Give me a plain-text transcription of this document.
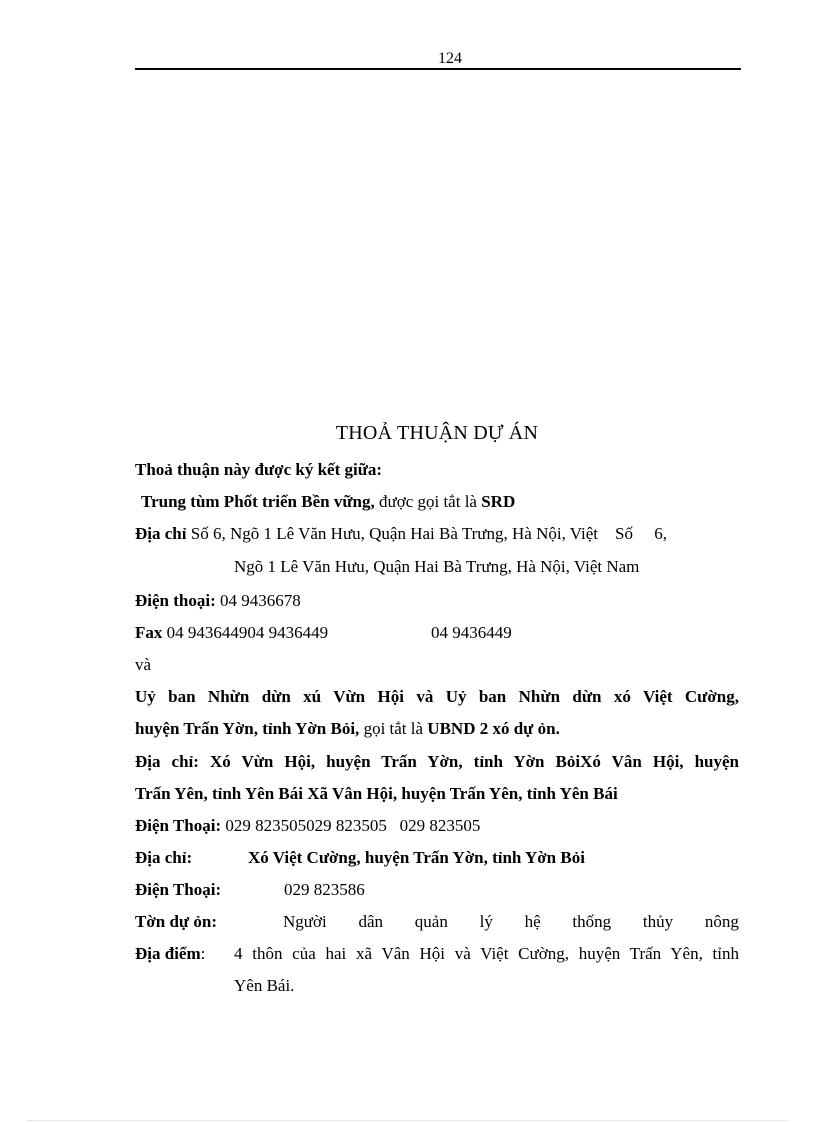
124
THOẢ THUẬN DỰ ÁN
Thoả thuận này được ký kết giữa:
Trung tùm Phốt triển Bền vững, được gọi tắt là SRD
Địa chỉ Số 6, Ngõ 1 Lê Văn Hưu, Quận Hai Bà Trưng, Hà Nội, Việt    Số     6,
Ngõ 1 Lê Văn Hưu, Quận Hai Bà Trưng, Hà Nội, Việt Nam
Điện thoại: 04 9436678
Fax 04 943644904 9436449	04 9436449
và
Uỷ ban Nhừn dừn xú Vừn Hội và Uỷ ban Nhừn dừn xó Việt Cường,
huyện Trấn Yờn, tỉnh Yờn Bỏi, gọi tắt là UBND 2 xó dự ỏn.
Địa chỉ: Xó Vừn Hội, huyện Trấn Yờn, tỉnh Yờn BỏiXó Vân Hội, huyện
Trấn Yên, tỉnh Yên Bái Xã Vân Hội, huyện Trấn Yên, tỉnh Yên Bái
Điện Thoại: 029 823505029 823505   029 823505
Địa chỉ:	Xó Việt Cường, huyện Trấn Yờn, tỉnh Yờn Bỏi
Điện Thoại:	029 823586
Tờn dự ỏn:	Người dân quản lý hệ thống thủy nông
Địa điểm: 4 thôn của hai xã Vân Hội và Việt Cường, huyện Trấn Yên, tỉnh
Yên Bái.
